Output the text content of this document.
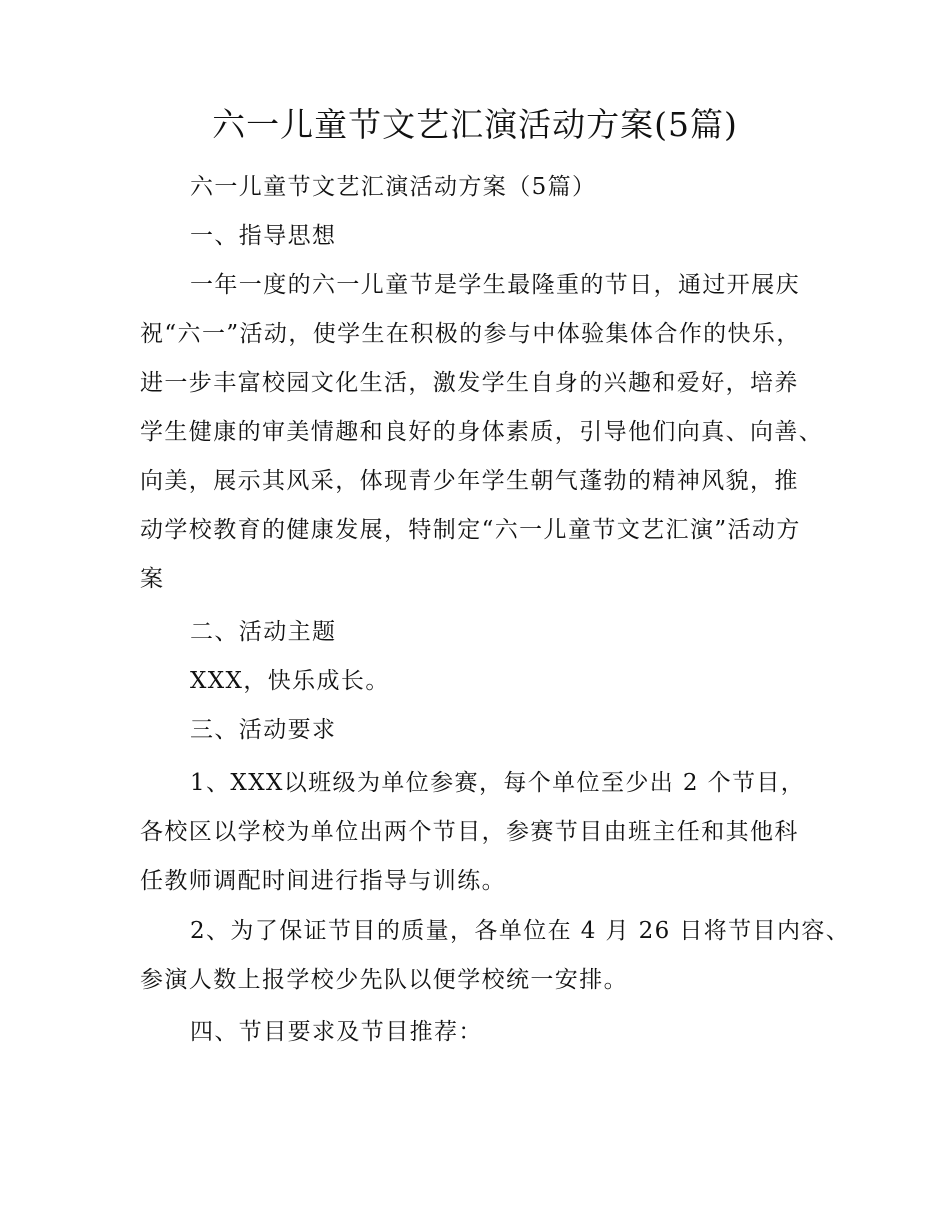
六一儿童节文艺汇演活动方案(5篇)
六一儿童节文艺汇演活动方案（5篇）
一、指导思想
一年一度的六一儿童节是学生最隆重的节日，通过开展庆
祝“六一”活动，使学生在积极的参与中体验集体合作的快乐，
进一步丰富校园文化生活，激发学生自身的兴趣和爱好，培养
学生健康的审美情趣和良好的身体素质，引导他们向真、向善、
向美，展示其风采，体现青少年学生朝气蓬勃的精神风貌，推
动学校教育的健康发展，特制定“六一儿童节文艺汇演”活动方
案
二、活动主题
XXX，快乐成长。
三、活动要求
1、XXX以班级为单位参赛，每个单位至少出 2 个节目，
各校区以学校为单位出两个节目，参赛节目由班主任和其他科
任教师调配时间进行指导与训练。
2、为了保证节目的质量，各单位在 4 月 26 日将节目内容、
参演人数上报学校少先队以便学校统一安排。
四、节目要求及节目推荐：
